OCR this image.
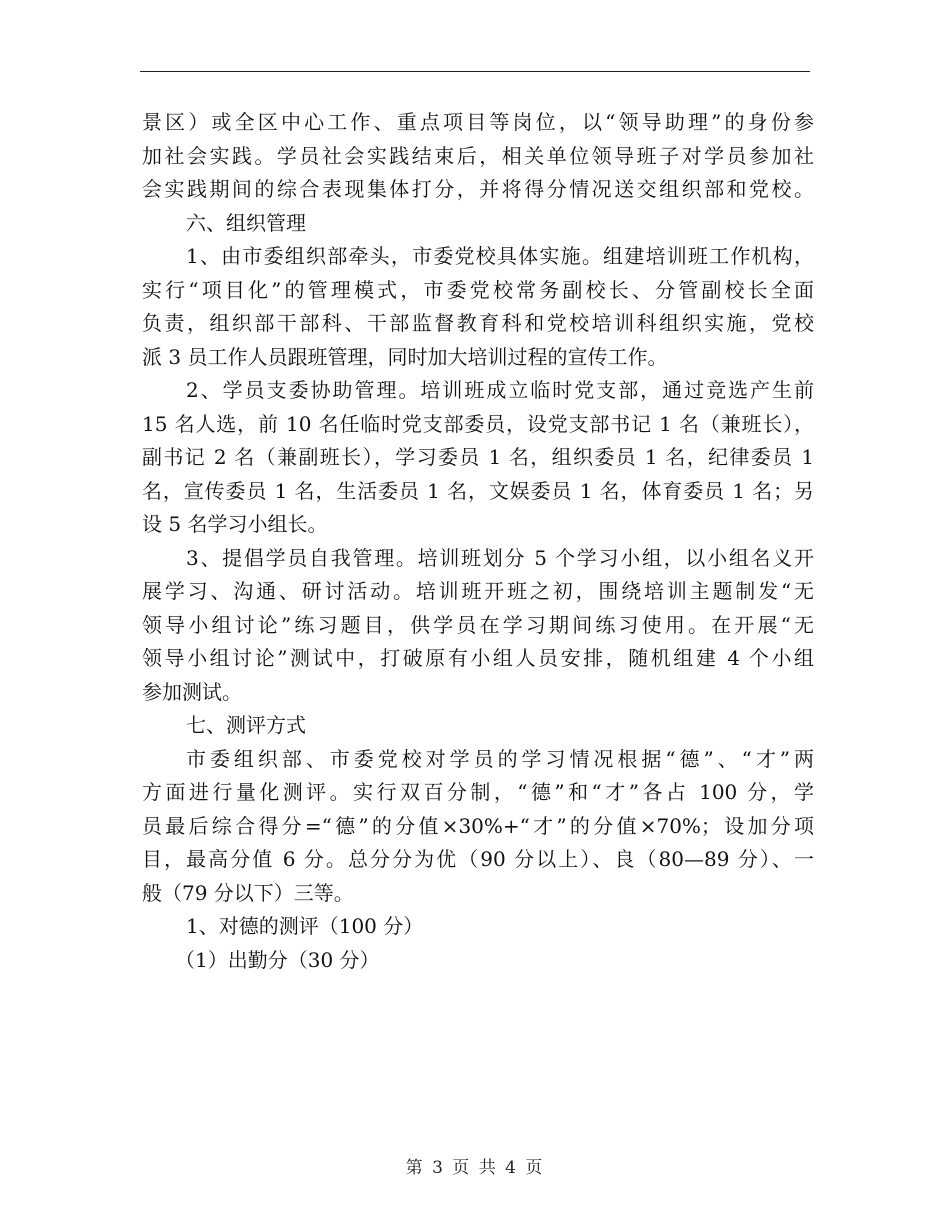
景区）或全区中心工作、重点项目等岗位，以“领导助理”的身份参
加社会实践。学员社会实践结束后，相关单位领导班子对学员参加社
会实践期间的综合表现集体打分，并将得分情况送交组织部和党校。
六、组织管理
1、由市委组织部牵头，市委党校具体实施。组建培训班工作机构，
实行“项目化”的管理模式，市委党校常务副校长、分管副校长全面
负责，组织部干部科、干部监督教育科和党校培训科组织实施，党校
派 3 员工作人员跟班管理，同时加大培训过程的宣传工作。
2、学员支委协助管理。培训班成立临时党支部，通过竞选产生前
15 名人选，前 10 名任临时党支部委员，设党支部书记 1 名（兼班长），
副书记 2 名（兼副班长），学习委员 1 名，组织委员 1 名，纪律委员 1
名，宣传委员 1 名，生活委员 1 名，文娱委员 1 名，体育委员 1 名；另
设 5 名学习小组长。
3、提倡学员自我管理。培训班划分 5 个学习小组，以小组名义开
展学习、沟通、研讨活动。培训班开班之初，围绕培训主题制发“无
领导小组讨论”练习题目，供学员在学习期间练习使用。在开展“无
领导小组讨论”测试中，打破原有小组人员安排，随机组建 4 个小组
参加测试。
七、测评方式
市委组织部、市委党校对学员的学习情况根据“德”、“才”两
方面进行量化测评。实行双百分制，“德”和“才”各占 100 分，学
员最后综合得分=“德”的分值×30%+“才”的分值×70%；设加分项
目，最高分值 6 分。总分分为优（90 分以上）、良（80—89 分）、一
般（79 分以下）三等。
1、对德的测评（100 分）
（1）出勤分（30 分）
第 3 页 共 4 页
